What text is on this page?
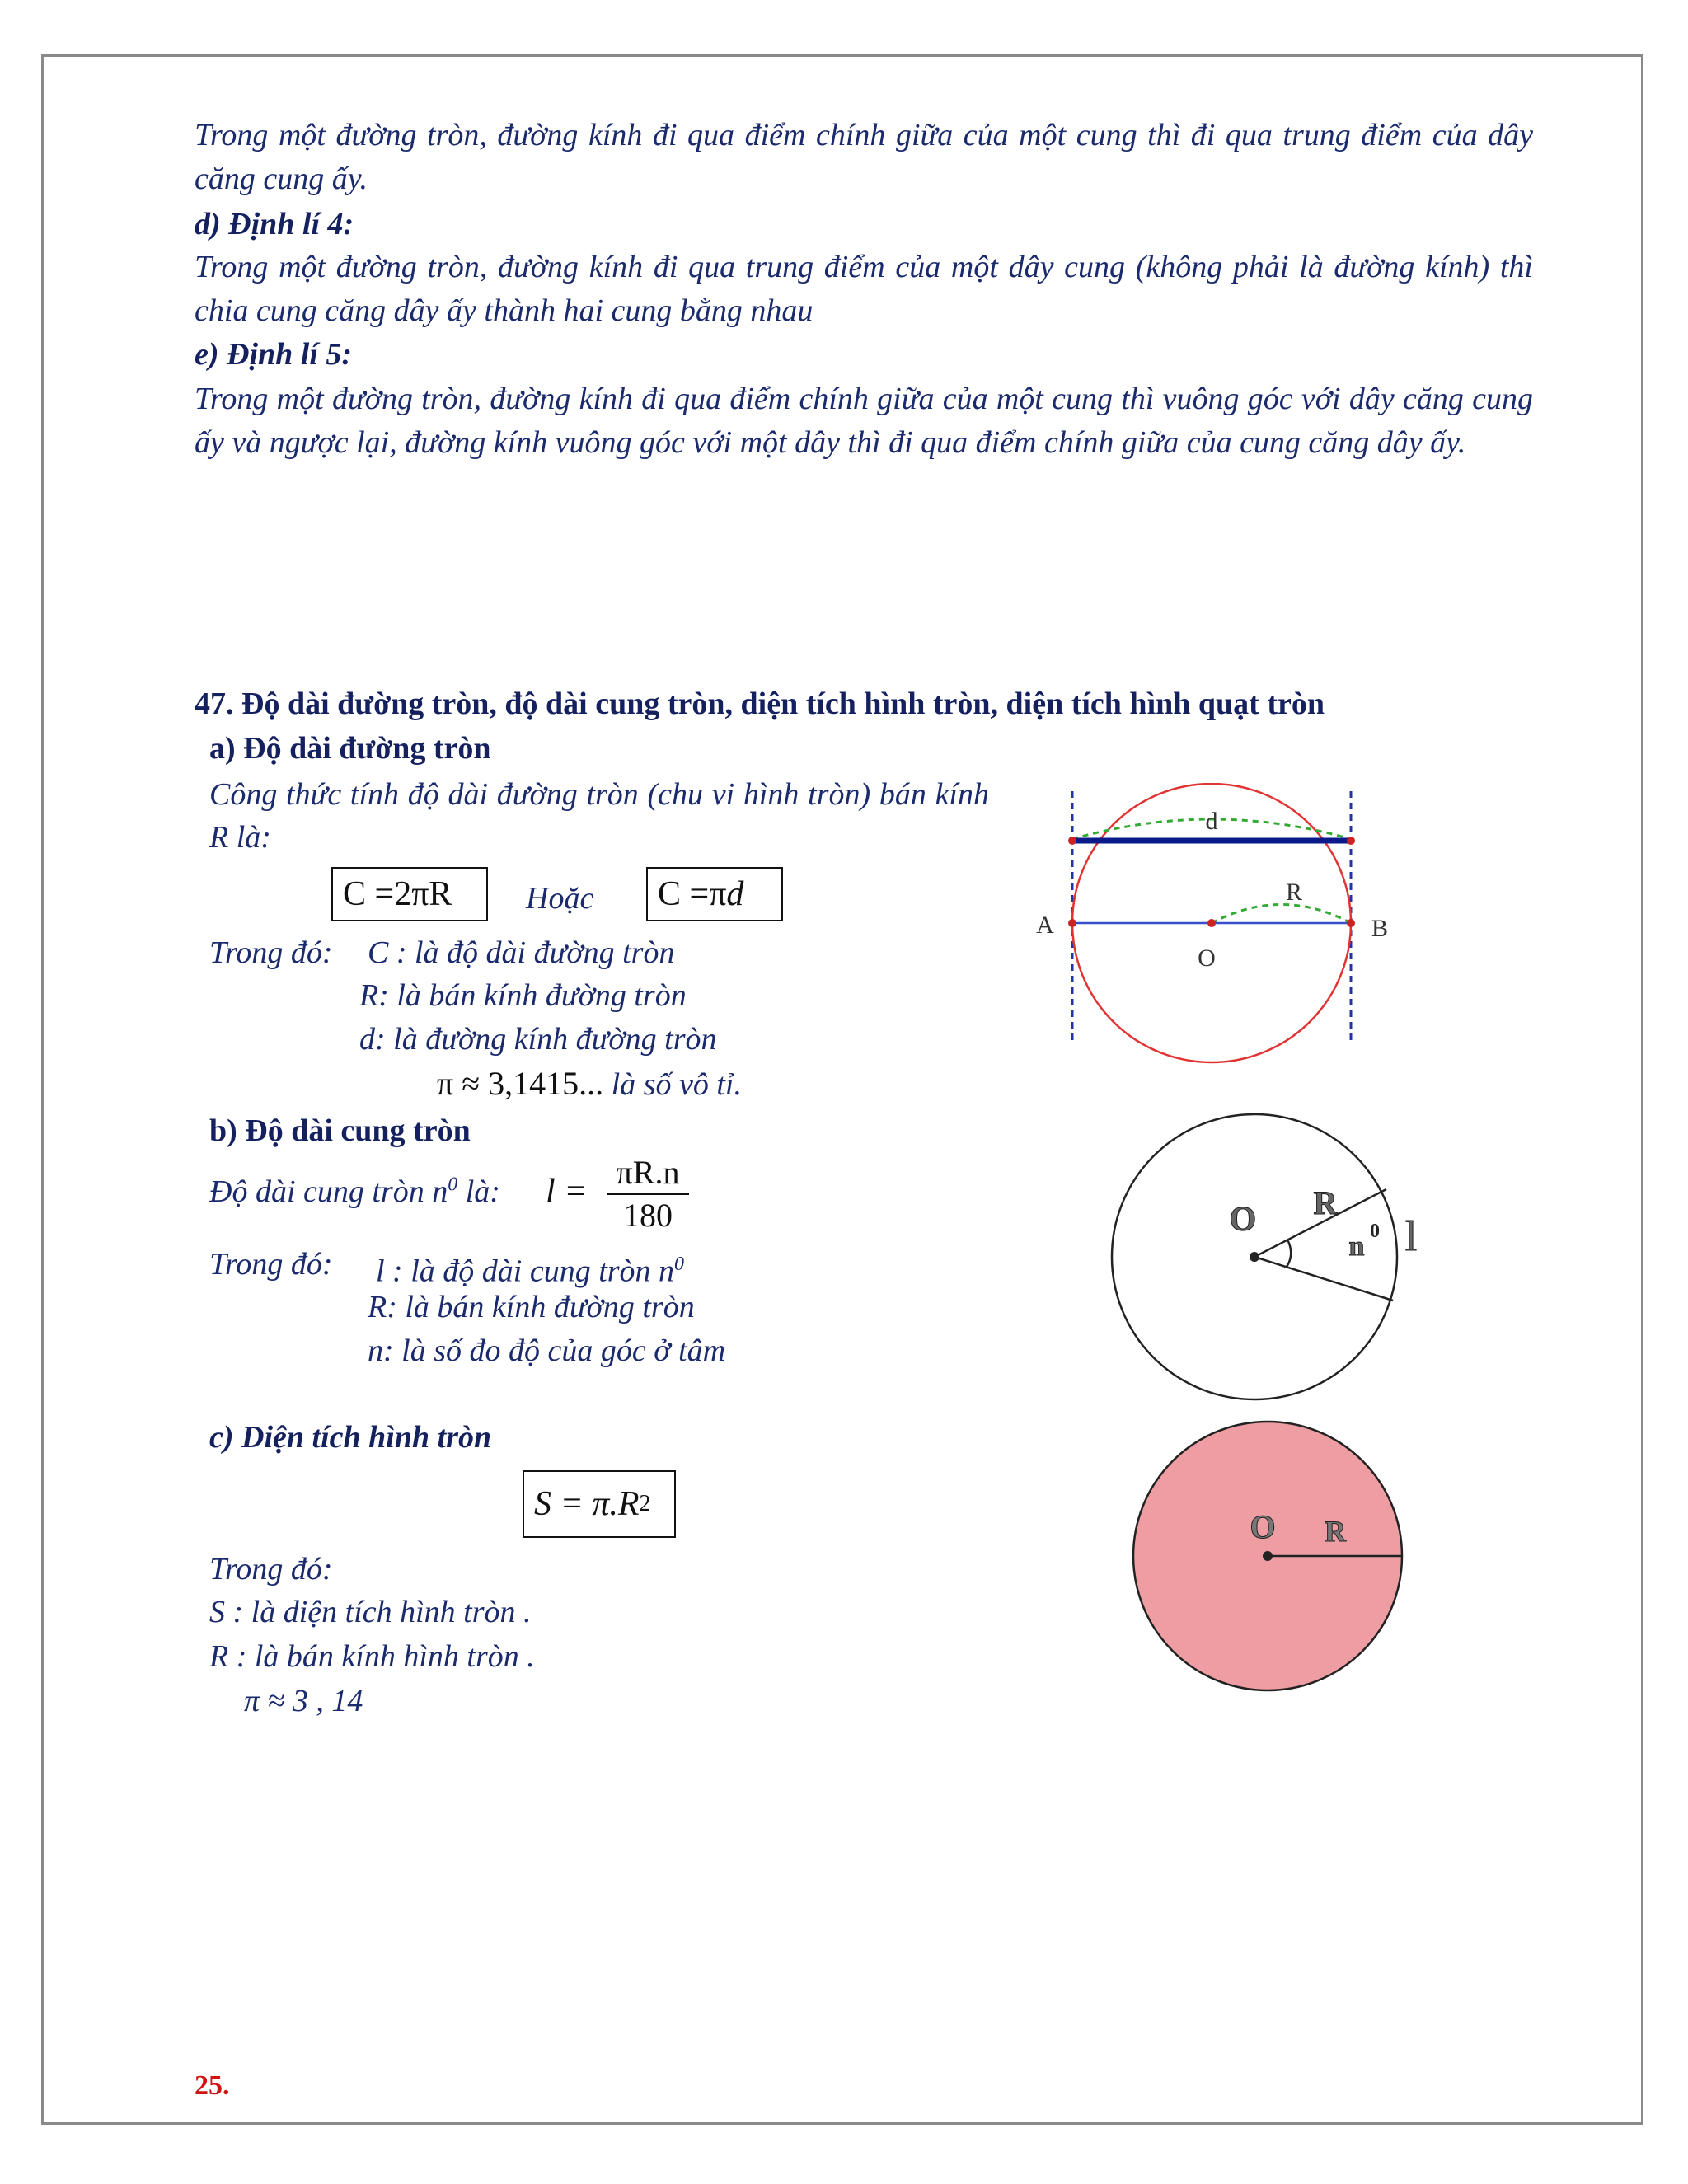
Trong một đường tròn, đường kính đi qua điểm chính giữa của một cung thì đi qua trung điểm của dây căng cung ấy.
d) Định lí 4:
Trong một đường tròn, đường kính đi qua trung điểm của một dây cung (không phải là đường kính) thì chia cung căng dây ấy thành hai cung bằng nhau
e) Định lí 5:
Trong một đường tròn, đường kính đi qua điểm chính giữa của một cung thì vuông góc với dây căng cung ấy và ngược lại, đường kính vuông góc với một dây thì đi qua điểm chính giữa của cung căng dây ấy.
47. Độ dài đường tròn, độ dài cung tròn, diện tích hình tròn, diện tích hình quạt tròn
a) Độ dài đường tròn
Công thức tính độ dài đường tròn (chu vi hình tròn) bán kính R là:
C =2πR	Hoặc C =π d
Trong đó: C : là độ dài đường tròn
R: là bán kính đường tròn
d: là đường kính đường tròn
π ≈ 3,1415... là số vô tỉ.
d
R
A	B
O
b) Độ dài cung tròn
Độ dài cung tròn $n^0$ là: $l = \frac{\pi R.n}{180}$
Trong đó: l : là độ dài cung tròn $n^0$
R: là bán kính đường tròn
n: là số đo độ của góc ở tâm
O R
n 0 l
c) Diện tích hình tròn
S = π.R 2
Trong đó:
S : là diện tích hình tròn .
R : là bán kính hình tròn .
π ≈ 3 , 14
O R
25.
